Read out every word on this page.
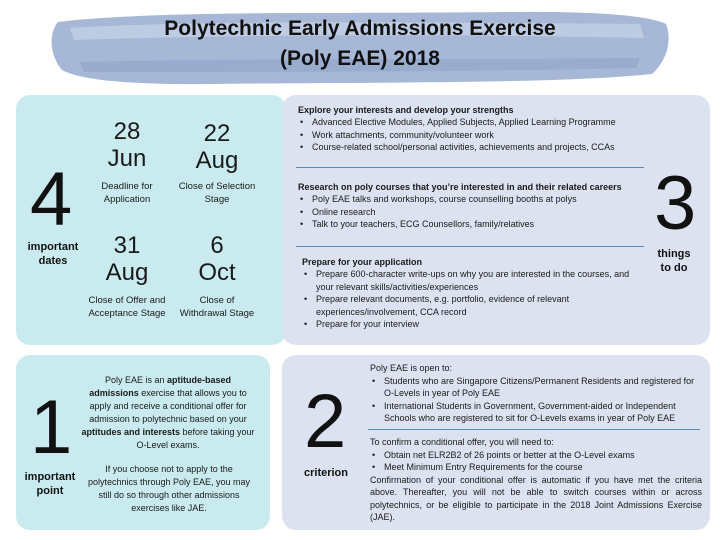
Polytechnic Early Admissions Exercise
(Poly EAE) 2018
4
important
dates
28
Jun
Deadline for
Application
22
Aug
Close of Selection
Stage
31
Aug
Close of Offer and
Acceptance Stage
6
Oct
Close of
Withdrawal Stage
Explore your interests and develop your strengths
• Advanced Elective Modules, Applied Subjects, Applied Learning Programme
• Work attachments, community/volunteer work
• Course-related school/personal activities, achievements and projects, CCAs
Research on poly courses that you’re interested in and their related careers
• Poly EAE talks and workshops, course counselling booths at polys
• Online research
• Talk to your teachers, ECG Counsellors, family/relatives
Prepare for your application
• Prepare 600-character write-ups on why you are interested in the courses, and your relevant skills/activities/experiences
• Prepare relevant documents, e.g. portfolio, evidence of relevant experiences/involvement, CCA record
• Prepare for your interview
3
things
to do
1
important
point
Poly EAE is an aptitude-based admissions exercise that allows you to apply and receive a conditional offer for admission to polytechnic based on your aptitudes and interests before taking your O-Level exams.
If you choose not to apply to the polytechnics through Poly EAE, you may still do so through other admissions exercises like JAE.
2
criterion
Poly EAE is open to:
• Students who are Singapore Citizens/Permanent Residents and registered for O-Levels in year of Poly EAE
• International Students in Government, Government-aided or Independent Schools who are registered to sit for O-Levels exams in year of Poly EAE
To confirm a conditional offer, you will need to:
• Obtain net ELR2B2 of 26 points or better at the O-Level exams
• Meet Minimum Entry Requirements for the course
Confirmation of your conditional offer is automatic if you have met the criteria above. Thereafter, you will not be able to switch courses within or across polytechnics, or be eligible to participate in the 2018 Joint Admissions Exercise (JAE).
